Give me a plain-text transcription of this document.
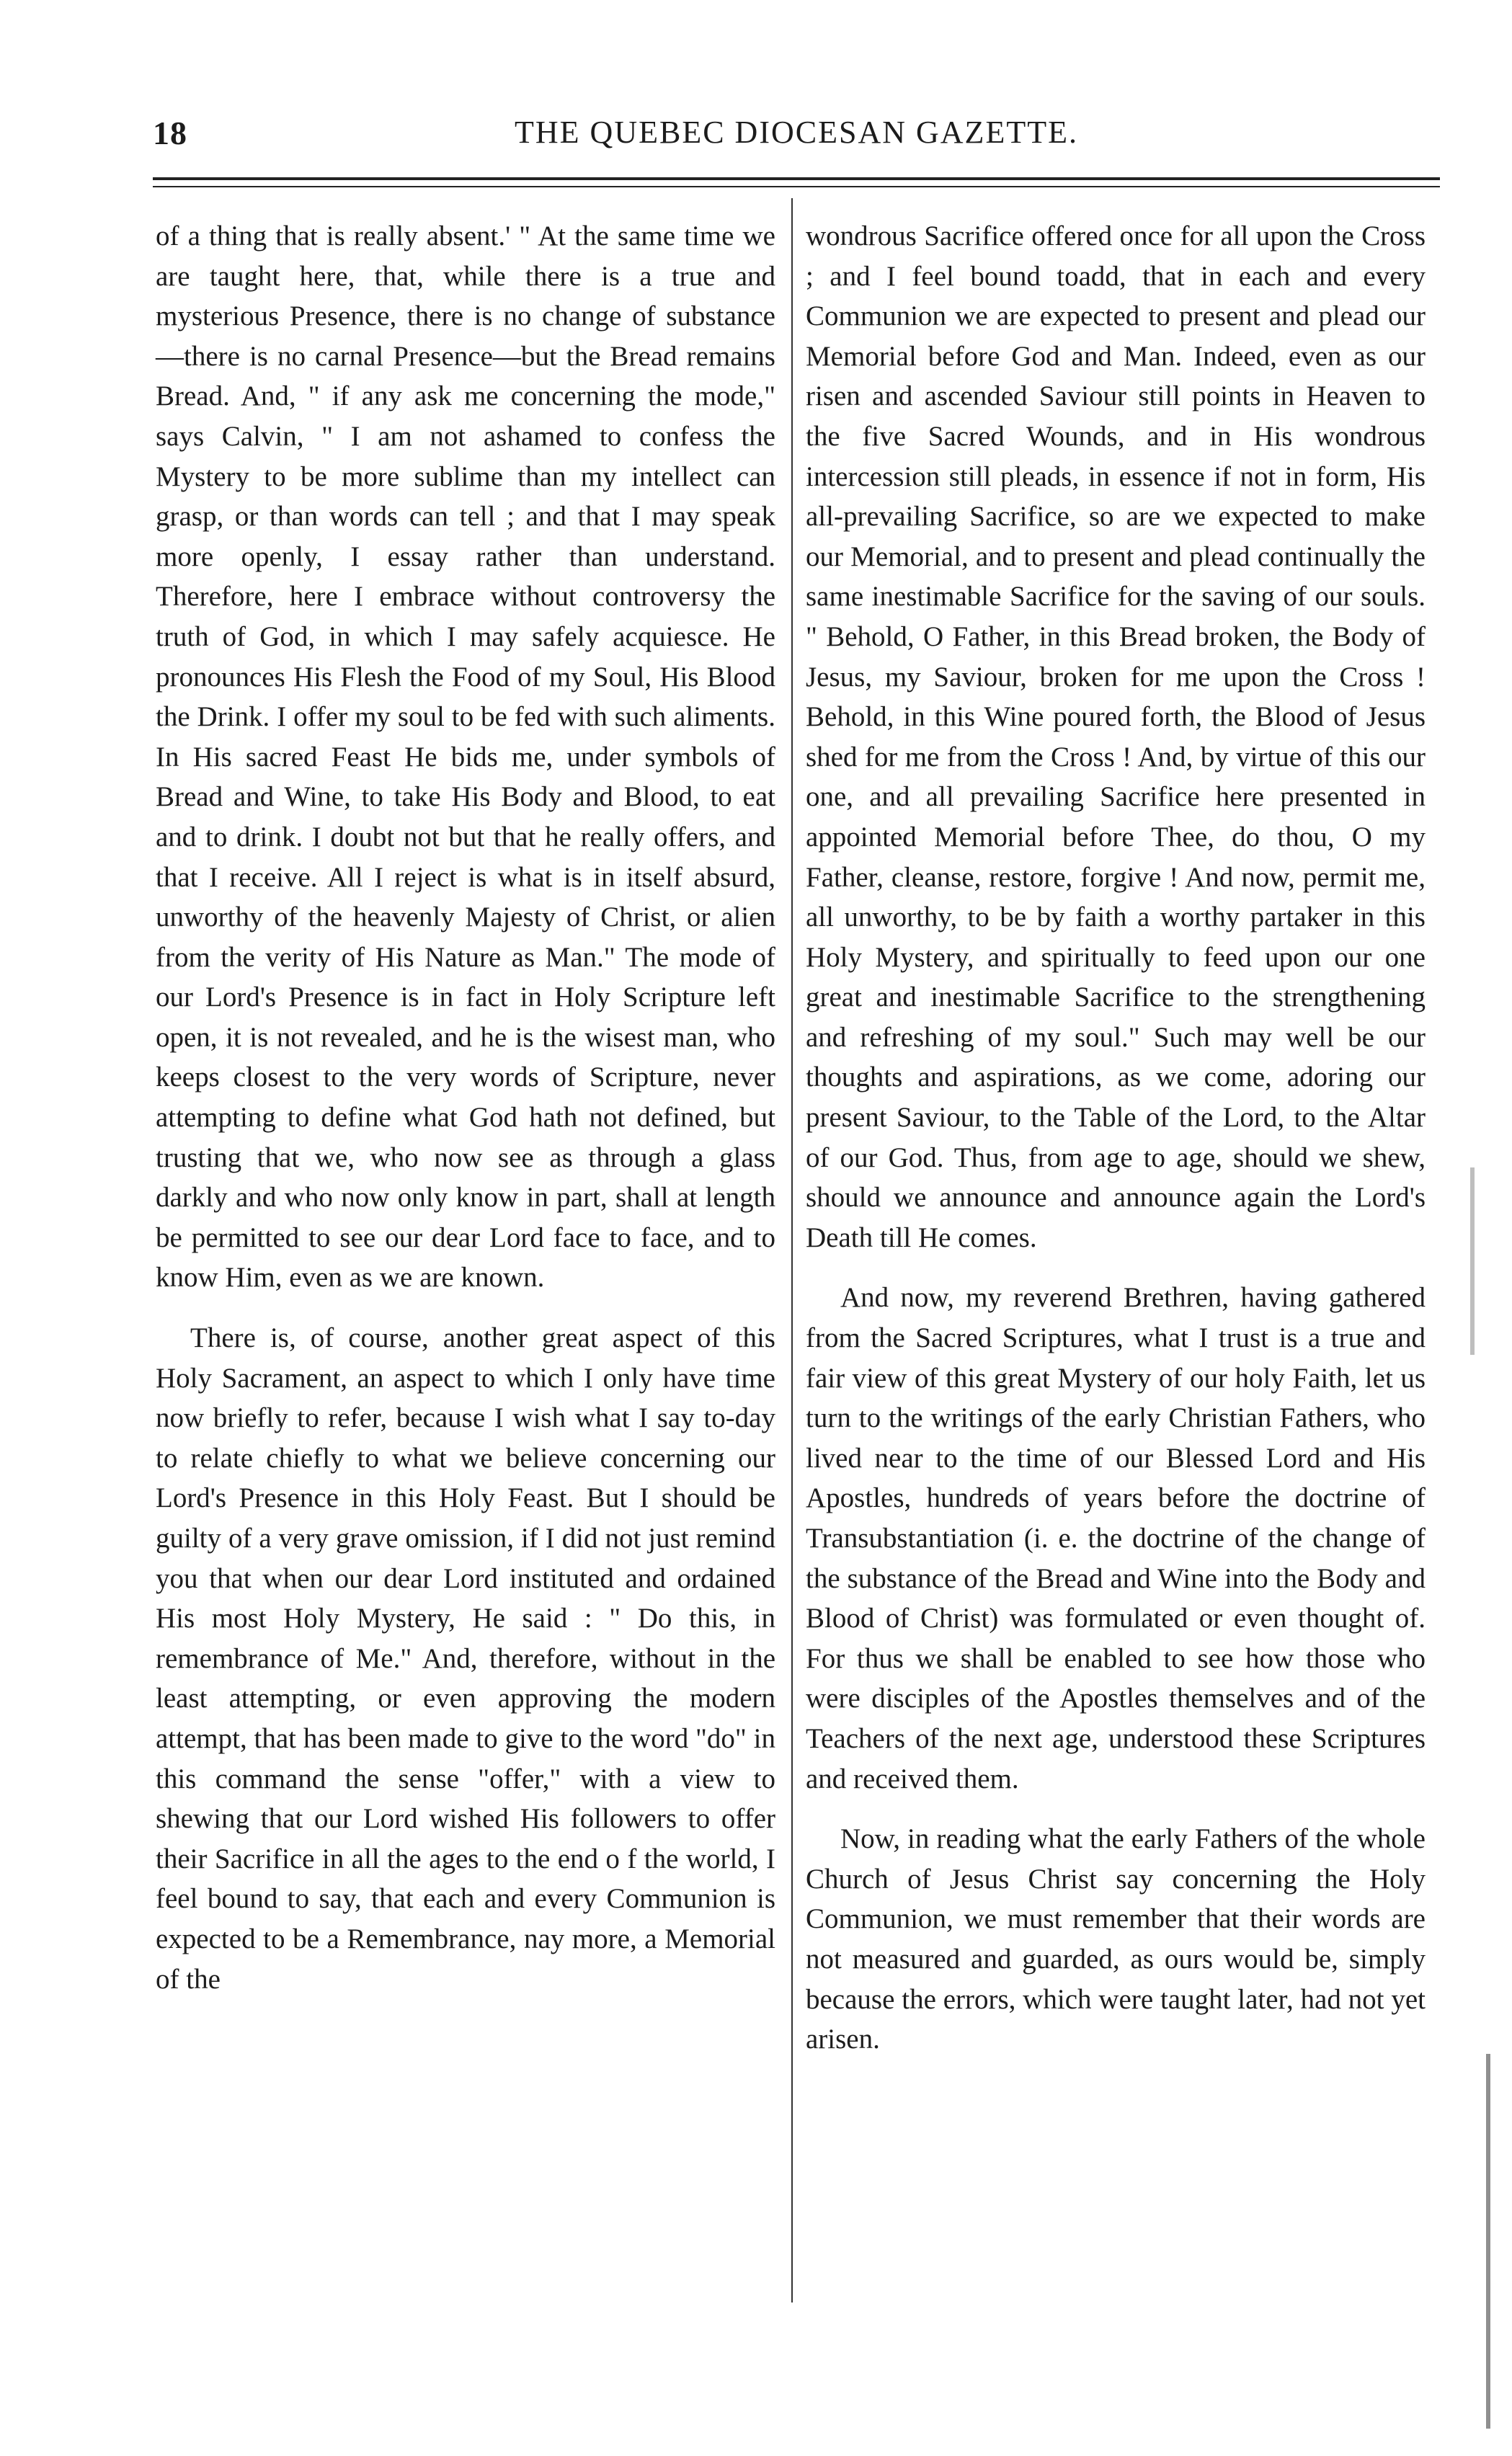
18	THE QUEBEC DIOCESAN GAZETTE.

of a thing that is really absent.' " At the same time we are taught here, that, while there is a true and mysterious Presence, there is no change of substance—there is no carnal Presence—but the Bread remains Bread. And, " if any ask me concerning the mode," says Calvin, " I am not ashamed to confess the Mystery to be more sublime than my intellect can grasp, or than words can tell ; and that I may speak more openly, I essay rather than understand. Therefore, here I embrace without controversy the truth of God, in which I may safely acquiesce. He pronounces His Flesh the Food of my Soul, His Blood the Drink. I offer my soul to be fed with such aliments. In His sacred Feast He bids me, under symbols of Bread and Wine, to take His Body and Blood, to eat and to drink. I doubt not but that he really offers, and that I receive. All I reject is what is in itself absurd, unworthy of the heavenly Majesty of Christ, or alien from the verity of His Nature as Man." The mode of our Lord's Presence is in fact in Holy Scripture left open, it is not revealed, and he is the wisest man, who keeps closest to the very words of Scripture, never attempting to define what God hath not defined, but trusting that we, who now see as through a glass darkly and who now only know in part, shall at length be permitted to see our dear Lord face to face, and to know Him, even as we are known.

There is, of course, another great aspect of this Holy Sacrament, an aspect to which I only have time now briefly to refer, because I wish what I say to-day to relate chiefly to what we believe concerning our Lord's Presence in this Holy Feast. But I should be guilty of a very grave omission, if I did not just remind you that when our dear Lord instituted and ordained His most Holy Mystery, He said : " Do this, in remembrance of Me." And, therefore, without in the least attempting, or even approving the modern attempt, that has been made to give to the word "do" in this command the sense "offer," with a view to shewing that our Lord wished His followers to offer their Sacrifice in all the ages to the end o f the world, I feel bound to say, that each and every Communion is expected to be a Remembrance, nay more, a Memorial of the

wondrous Sacrifice offered once for all upon the Cross ; and I feel bound toadd, that in each and every Communion we are expected to present and plead our Memorial before God and Man. Indeed, even as our risen and ascended Saviour still points in Heaven to the five Sacred Wounds, and in His wondrous intercession still pleads, in essence if not in form, His all-prevailing Sacrifice, so are we expected to make our Memorial, and to present and plead continually the same inestimable Sacrifice for the saving of our souls. " Behold, O Father, in this Bread broken, the Body of Jesus, my Saviour, broken for me upon the Cross ! Behold, in this Wine poured forth, the Blood of Jesus shed for me from the Cross ! And, by virtue of this our one, and all prevailing Sacrifice here presented in appointed Memorial before Thee, do thou, O my Father, cleanse, restore, forgive ! And now, permit me, all unworthy, to be by faith a worthy partaker in this Holy Mystery, and spiritually to feed upon our one great and inestimable Sacrifice to the strengthening and refreshing of my soul." Such may well be our thoughts and aspirations, as we come, adoring our present Saviour, to the Table of the Lord, to the Altar of our God. Thus, from age to age, should we shew, should we announce and announce again the Lord's Death till He comes.

And now, my reverend Brethren, having gathered from the Sacred Scriptures, what I trust is a true and fair view of this great Mystery of our holy Faith, let us turn to the writings of the early Christian Fathers, who lived near to the time of our Blessed Lord and His Apostles, hundreds of years before the doctrine of Transubstantiation (i. e. the doctrine of the change of the substance of the Bread and Wine into the Body and Blood of Christ) was formulated or even thought of. For thus we shall be enabled to see how those who were disciples of the Apostles themselves and of the Teachers of the next age, understood these Scriptures and received them.

Now, in reading what the early Fathers of the whole Church of Jesus Christ say concerning the Holy Communion, we must remember that their words are not measured and guarded, as ours would be, simply because the errors, which were taught later, had not yet arisen.
